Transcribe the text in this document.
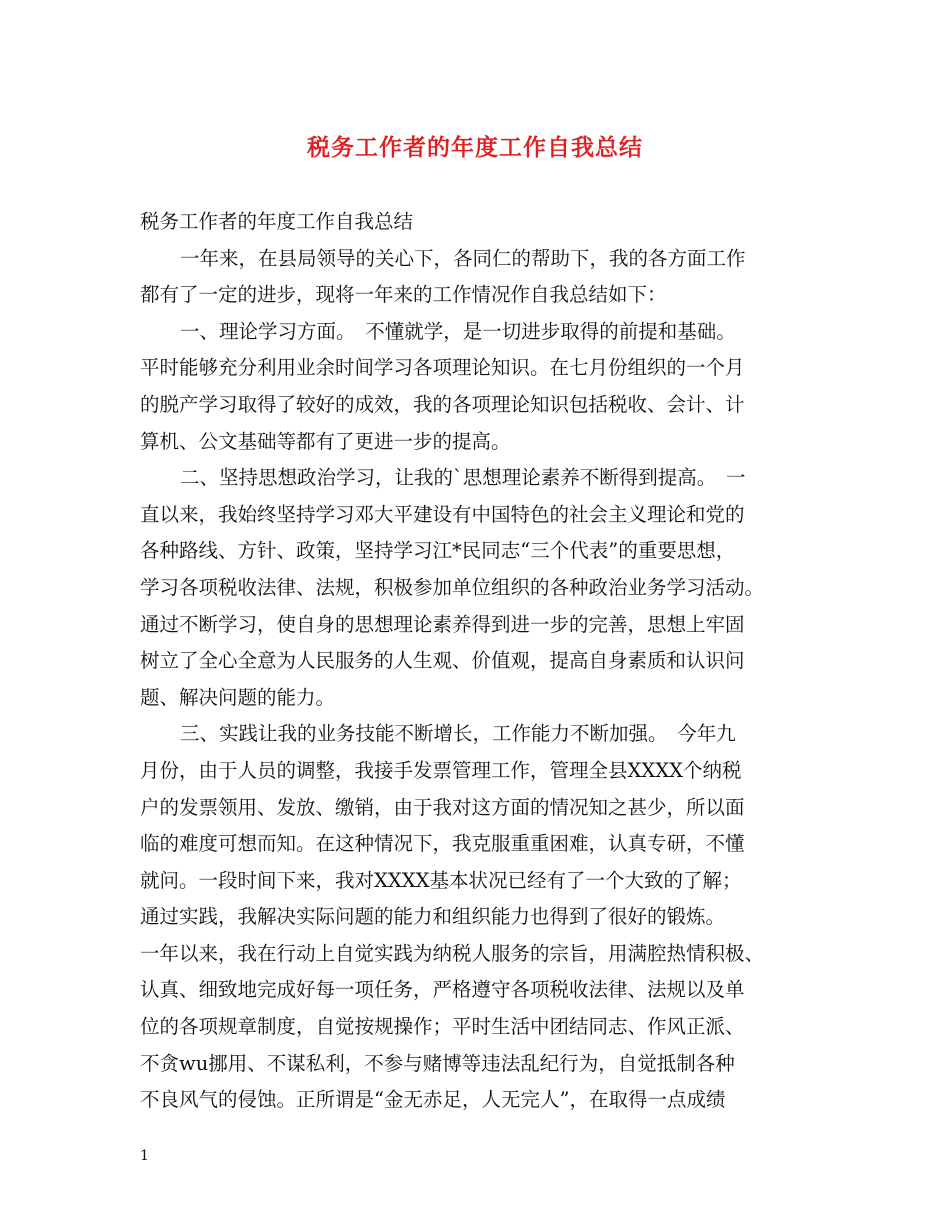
税务工作者的年度工作自我总结
税务工作者的年度工作自我总结
一年来，在县局领导的关心下，各同仁的帮助下，我的各方面工作
都有了一定的进步，现将一年来的工作情况作自我总结如下：
一、理论学习方面。　不懂就学，是一切进步取得的前提和基础。
平时能够充分利用业余时间学习各项理论知识。在七月份组织的一个月
的脱产学习取得了较好的成效，我的各项理论知识包括税收、会计、计
算机、公文基础等都有了更进一步的提高。
二、坚持思想政治学习，让我的`思想理论素养不断得到提高。　一
直以来，我始终坚持学习邓大平建设有中国特色的社会主义理论和党的
各种路线、方针、政策，坚持学习江*民同志“三个代表”的重要思想，
学习各项税收法律、法规，积极参加单位组织的各种政治业务学习活动。
通过不断学习，使自身的思想理论素养得到进一步的完善，思想上牢固
树立了全心全意为人民服务的人生观、价值观，提高自身素质和认识问
题、解决问题的能力。
三、实践让我的业务技能不断增长，工作能力不断加强。　今年九
月份，由于人员的调整，我接手发票管理工作，管理全县XXXX个纳税
户的发票领用、发放、缴销，由于我对这方面的情况知之甚少，所以面
临的难度可想而知。在这种情况下，我克服重重困难，认真专研，不懂
就问。一段时间下来，我对XXXX基本状况已经有了一个大致的了解；
通过实践，我解决实际问题的能力和组织能力也得到了很好的锻炼。
一年以来，我在行动上自觉实践为纳税人服务的宗旨，用满腔热情积极、
认真、细致地完成好每一项任务，严格遵守各项税收法律、法规以及单
位的各项规章制度，自觉按规操作；平时生活中团结同志、作风正派、
不贪wu挪用、不谋私利，不参与赌博等违法乱纪行为，自觉抵制各种
不良风气的侵蚀。正所谓是“金无赤足，人无完人”，在取得一点成绩
1
